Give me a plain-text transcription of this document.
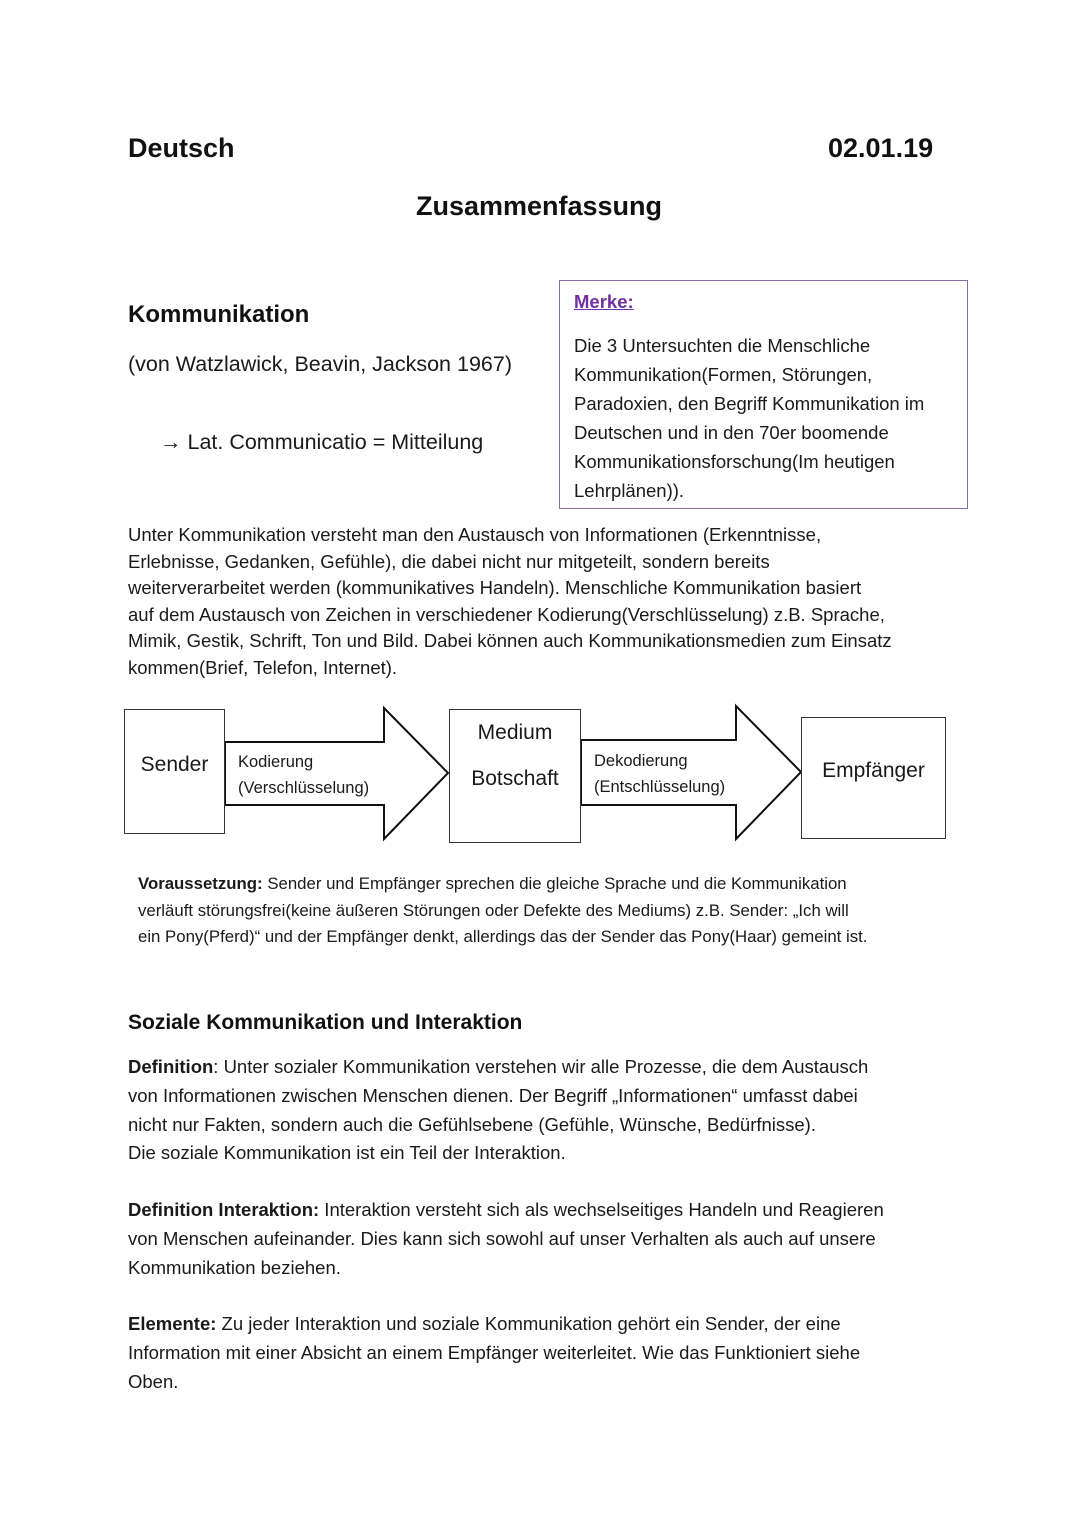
Deutsch	02.01.19
Zusammenfassung
Kommunikation
(von Watzlawick, Beavin, Jackson 1967)
→ Lat. Communicatio = Mitteilung
Merke:
Die 3 Untersuchten die Menschliche
Kommunikation(Formen, Störungen,
Paradoxien, den Begriff Kommunikation im
Deutschen und in den 70er boomende
Kommunikationsforschung(Im heutigen
Lehrplänen)).
Unter Kommunikation versteht man den Austausch von Informationen (Erkenntnisse,
Erlebnisse, Gedanken, Gefühle), die dabei nicht nur mitgeteilt, sondern bereits
weiterverarbeitet werden (kommunikatives Handeln). Menschliche Kommunikation basiert
auf dem Austausch von Zeichen in verschiedener Kodierung(Verschlüsselung) z.B. Sprache,
Mimik, Gestik, Schrift, Ton und Bild. Dabei können auch Kommunikationsmedien zum Einsatz
kommen(Brief, Telefon, Internet).
Sender	Kodierung
(Verschlüsselung)
Medium
Botschaft
Dekodierung
(Entschlüsselung)
Empfänger
Voraussetzung: Sender und Empfänger sprechen die gleiche Sprache und die Kommunikation
verläuft störungsfrei(keine äußeren Störungen oder Defekte des Mediums) z.B. Sender: „Ich will
ein Pony(Pferd)“ und der Empfänger denkt, allerdings das der Sender das Pony(Haar) gemeint ist.
Soziale Kommunikation und Interaktion
Definition: Unter sozialer Kommunikation verstehen wir alle Prozesse, die dem Austausch
von Informationen zwischen Menschen dienen. Der Begriff „Informationen“ umfasst dabei
nicht nur Fakten, sondern auch die Gefühlsebene (Gefühle, Wünsche, Bedürfnisse).
Die soziale Kommunikation ist ein Teil der Interaktion.
Definition Interaktion: Interaktion versteht sich als wechselseitiges Handeln und Reagieren
von Menschen aufeinander. Dies kann sich sowohl auf unser Verhalten als auch auf unsere
Kommunikation beziehen.
Elemente: Zu jeder Interaktion und soziale Kommunikation gehört ein Sender, der eine
Information mit einer Absicht an einem Empfänger weiterleitet. Wie das Funktioniert siehe
Oben.
